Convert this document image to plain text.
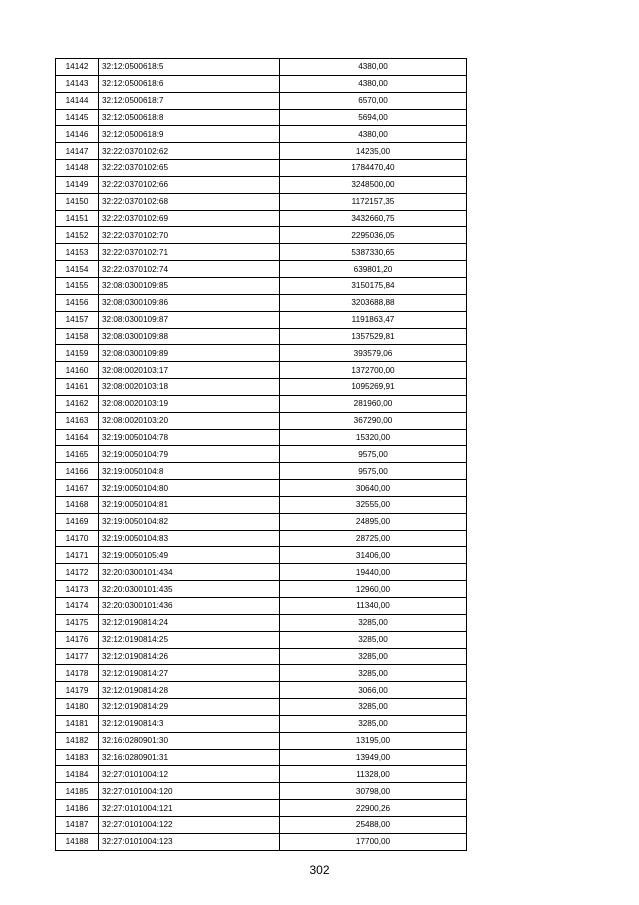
14142	32:12:0500618:5	4380,00
14143	32:12:0500618:6	4380,00
14144	32:12:0500618:7	6570,00
14145	32:12:0500618:8	5694,00
14146	32:12:0500618:9	4380,00
14147	32:22:0370102:62	14235,00
14148	32:22:0370102:65	1784470,40
14149	32:22:0370102:66	3248500,00
14150	32:22:0370102:68	1172157,35
14151	32:22:0370102:69	3432660,75
14152	32:22:0370102:70	2295036,05
14153	32:22:0370102:71	5387330,65
14154	32:22:0370102:74	639801,20
14155	32:08:0300109:85	3150175,84
14156	32:08:0300109:86	3203688,88
14157	32:08:0300109:87	1191863,47
14158	32:08:0300109:88	1357529,81
14159	32:08:0300109:89	393579,06
14160	32:08:0020103:17	1372700,00
14161	32:08:0020103:18	1095269,91
14162	32:08:0020103:19	281960,00
14163	32:08:0020103:20	367290,00
14164	32:19:0050104:78	15320,00
14165	32:19:0050104:79	9575,00
14166	32:19:0050104:8	9575,00
14167	32:19:0050104:80	30640,00
14168	32:19:0050104:81	32555,00
14169	32:19:0050104:82	24895,00
14170	32:19:0050104:83	28725,00
14171	32:19:0050105:49	31406,00
14172	32:20:0300101:434	19440,00
14173	32:20:0300101:435	12960,00
14174	32:20:0300101:436	11340,00
14175	32:12:0190814:24	3285,00
14176	32:12:0190814:25	3285,00
14177	32:12:0190814:26	3285,00
14178	32:12:0190814:27	3285,00
14179	32:12:0190814:28	3066,00
14180	32:12:0190814:29	3285,00
14181	32:12:0190814:3	3285,00
14182	32:16:0280901:30	13195,00
14183	32:16:0280901:31	13949,00
14184	32:27:0101004:12	11328,00
14185	32:27:0101004:120	30798,00
14186	32:27:0101004:121	22900,26
14187	32:27:0101004:122	25488,00
14188	32:27:0101004:123	17700,00
302
